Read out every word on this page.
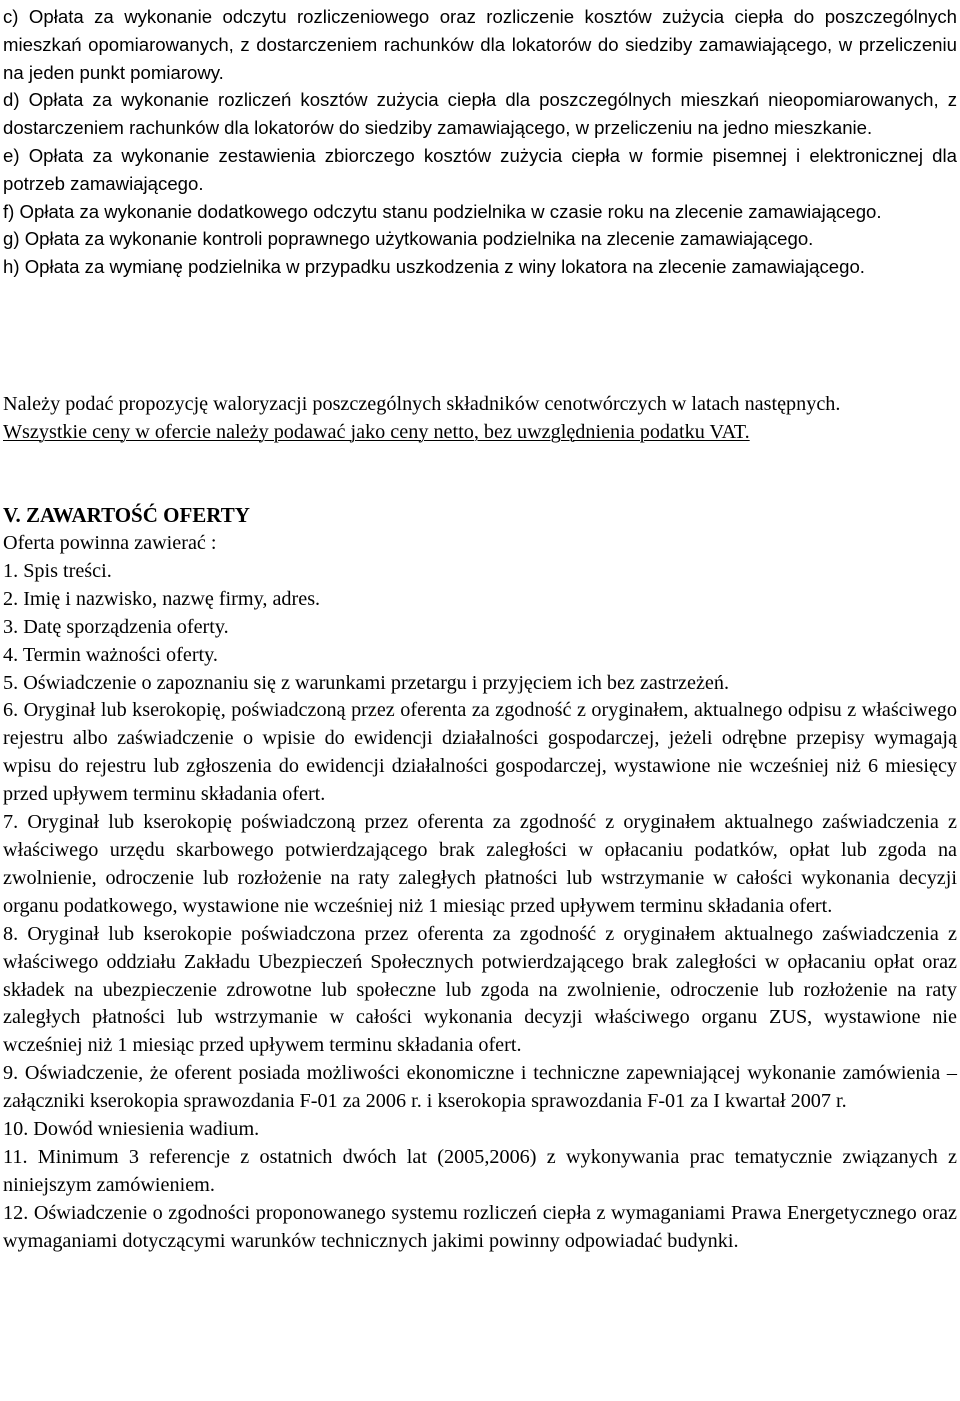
c) Opłata za wykonanie odczytu rozliczeniowego oraz rozliczenie kosztów zużycia ciepła do poszczególnych mieszkań opomiarowanych, z dostarczeniem rachunków dla lokatorów do siedziby zamawiającego, w przeliczeniu na jeden punkt pomiarowy.

d) Opłata za wykonanie rozliczeń kosztów zużycia ciepła dla poszczególnych mieszkań nieopomiarowanych, z dostarczeniem rachunków dla lokatorów do siedziby zamawiającego, w przeliczeniu na jedno mieszkanie.

e) Opłata za wykonanie zestawienia zbiorczego kosztów zużycia ciepła w formie pisemnej i elektronicznej dla potrzeb zamawiającego.

f) Opłata za wykonanie dodatkowego odczytu stanu podzielnika w czasie roku na zlecenie zamawiającego.

g) Opłata za wykonanie kontroli poprawnego użytkowania podzielnika na zlecenie zamawiającego.

h) Opłata za wymianę podzielnika w przypadku uszkodzenia z winy lokatora na zlecenie zamawiającego.

Należy podać propozycję waloryzacji poszczególnych składników cenotwórczych w latach następnych.

Wszystkie ceny w ofercie należy podawać jako ceny netto, bez uwzględnienia podatku VAT.

V. ZAWARTOŚĆ OFERTY
Oferta powinna zawierać :
1. Spis treści.
2. Imię i nazwisko, nazwę firmy, adres.
3. Datę sporządzenia oferty.
4. Termin ważności oferty.
5. Oświadczenie o zapoznaniu się z warunkami przetargu i przyjęciem ich bez zastrzeżeń.
6. Oryginał lub kserokopię, poświadczoną przez oferenta za zgodność z oryginałem, aktualnego odpisu z właściwego rejestru albo zaświadczenie o wpisie do ewidencji działalności gospodarczej, jeżeli odrębne przepisy wymagają wpisu do rejestru lub zgłoszenia do ewidencji działalności gospodarczej, wystawione nie wcześniej niż 6 miesięcy przed upływem terminu składania ofert.
7. Oryginał lub kserokopię poświadczoną przez oferenta za zgodność z oryginałem aktualnego zaświadczenia z właściwego urzędu skarbowego potwierdzającego brak zaległości w opłacaniu podatków, opłat lub zgoda na zwolnienie, odroczenie lub rozłożenie na raty zaległych płatności lub wstrzymanie w całości wykonania decyzji organu podatkowego, wystawione nie wcześniej niż 1 miesiąc przed upływem terminu składania ofert.
8. Oryginał lub kserokopie poświadczona przez oferenta za zgodność z oryginałem aktualnego zaświadczenia z właściwego oddziału Zakładu Ubezpieczeń Społecznych potwierdzającego brak zaległości w opłacaniu opłat oraz składek na ubezpieczenie zdrowotne lub społeczne lub zgoda na zwolnienie, odroczenie lub rozłożenie na raty zaległych płatności lub wstrzymanie w całości wykonania decyzji właściwego organu ZUS, wystawione nie wcześniej niż 1 miesiąc przed upływem terminu składania ofert.
9. Oświadczenie, że oferent posiada możliwości ekonomiczne i techniczne zapewniającej wykonanie zamówienia – załączniki kserokopia sprawozdania F-01 za 2006 r. i kserokopia sprawozdania F-01 za I kwartał 2007 r.
10. Dowód wniesienia wadium.
11. Minimum 3 referencje z ostatnich dwóch lat (2005,2006) z wykonywania prac tematycznie związanych z niniejszym zamówieniem.
12. Oświadczenie o zgodności proponowanego systemu rozliczeń ciepła z wymaganiami Prawa Energetycznego oraz wymaganiami dotyczącymi warunków technicznych jakimi powinny odpowiadać budynki.
